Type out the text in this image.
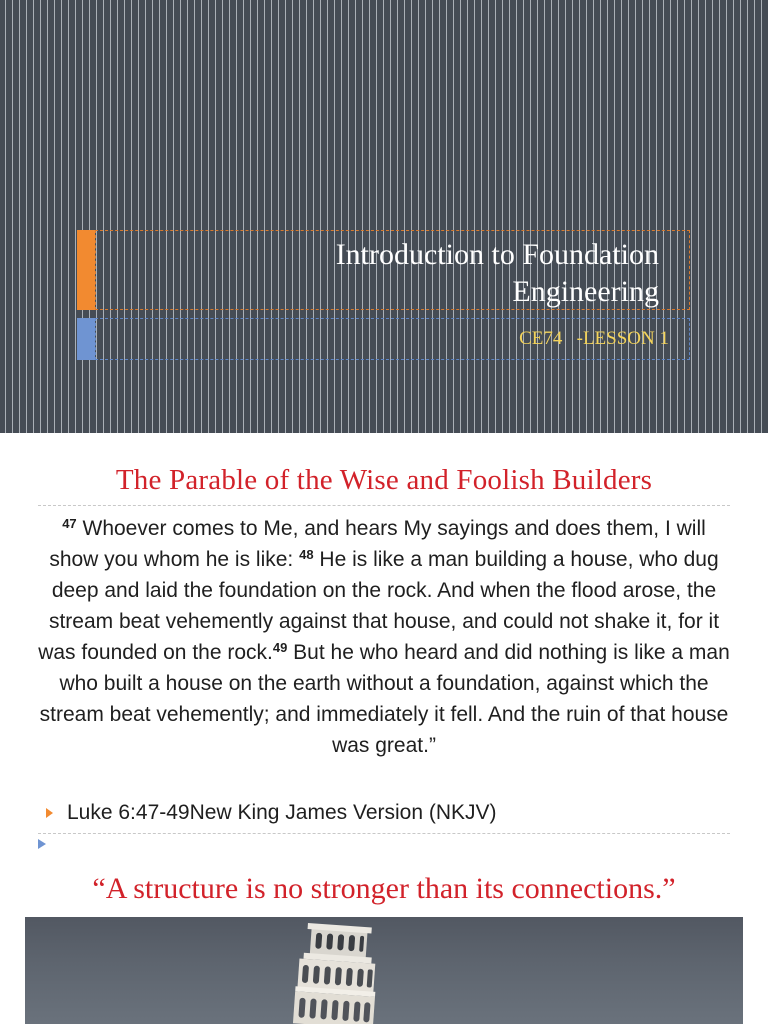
Introduction to Foundation
Engineering
CE74   -LESSON 1
The Parable of the Wise and Foolish Builders
$^{47}$ Whoever comes to Me, and hears My sayings and does them, I will show you whom he is like: $^{48}$ He is like a man building a house, who dug deep and laid the foundation on the rock. And when the flood arose, the stream beat vehemently against that house, and could not shake it, for it was founded on the rock.$^{49}$ But he who heard and did nothing is like a man who built a house on the earth without a foundation, against which the stream beat vehemently; and immediately it fell. And the ruin of that house was great.”
Luke 6:47-49New King James Version (NKJV)
“A structure is no stronger than its connections.”
